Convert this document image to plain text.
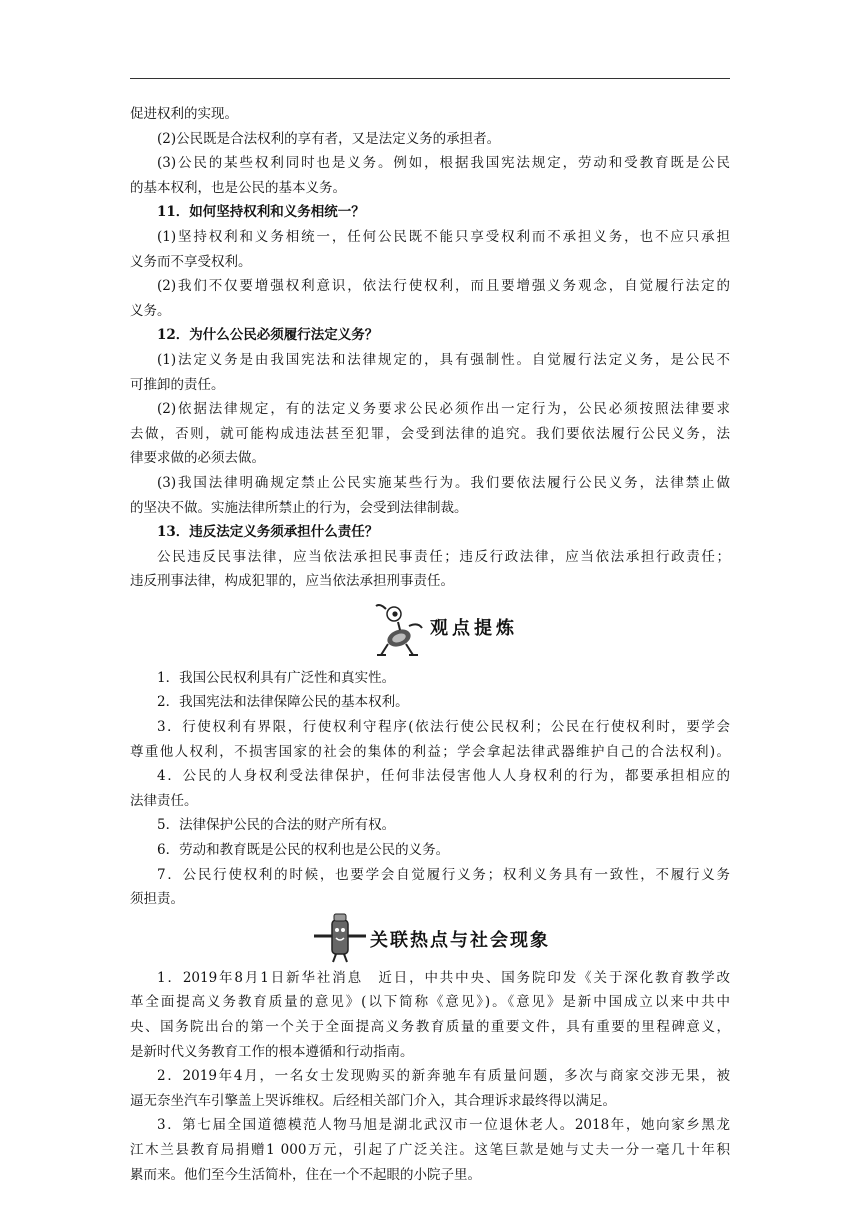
促进权利的实现。
(2)公民既是合法权利的享有者，又是法定义务的承担者。
(3)公民的某些权利同时也是义务。例如，根据我国宪法规定，劳动和受教育既是公民
的基本权利，也是公民的基本义务。
11．如何坚持权利和义务相统一？
(1)坚持权利和义务相统一，任何公民既不能只享受权利而不承担义务，也不应只承担
义务而不享受权利。
(2)我们不仅要增强权利意识，依法行使权利，而且要增强义务观念，自觉履行法定的
义务。
12．为什么公民必须履行法定义务？
(1)法定义务是由我国宪法和法律规定的，具有强制性。自觉履行法定义务，是公民不
可推卸的责任。
(2)依据法律规定，有的法定义务要求公民必须作出一定行为，公民必须按照法律要求
去做，否则，就可能构成违法甚至犯罪，会受到法律的追究。我们要依法履行公民义务，法
律要求做的必须去做。
(3)我国法律明确规定禁止公民实施某些行为。我们要依法履行公民义务，法律禁止做
的坚决不做。实施法律所禁止的行为，会受到法律制裁。
13．违反法定义务须承担什么责任？
公民违反民事法律，应当依法承担民事责任；违反行政法律，应当依法承担行政责任；
违反刑事法律，构成犯罪的，应当依法承担刑事责任。
观点提炼
1．我国公民权利具有广泛性和真实性。
2．我国宪法和法律保障公民的基本权利。
3．行使权利有界限，行使权利守程序(依法行使公民权利；公民在行使权利时，要学会
尊重他人权利，不损害国家的社会的集体的利益；学会拿起法律武器维护自己的合法权利)。
4．公民的人身权利受法律保护，任何非法侵害他人人身权利的行为，都要承担相应的
法律责任。
5．法律保护公民的合法的财产所有权。
6．劳动和教育既是公民的权利也是公民的义务。
7．公民行使权利的时候，也要学会自觉履行义务；权利义务具有一致性，不履行义务
须担责。
关联热点与社会现象
1．2019年8月1日新华社消息　近日，中共中央、国务院印发《关于深化教育教学改
革全面提高义务教育质量的意见》(以下简称《意见》)。《意见》是新中国成立以来中共中
央、国务院出台的第一个关于全面提高义务教育质量的重要文件，具有重要的里程碑意义，
是新时代义务教育工作的根本遵循和行动指南。
2．2019年4月，一名女士发现购买的新奔驰车有质量问题，多次与商家交涉无果，被
逼无奈坐汽车引擎盖上哭诉维权。后经相关部门介入，其合理诉求最终得以满足。
3．第七届全国道德模范人物马旭是湖北武汉市一位退休老人。2018年，她向家乡黑龙
江木兰县教育局捐赠1 000万元，引起了广泛关注。这笔巨款是她与丈夫一分一毫几十年积
累而来。他们至今生活简朴，住在一个不起眼的小院子里。
